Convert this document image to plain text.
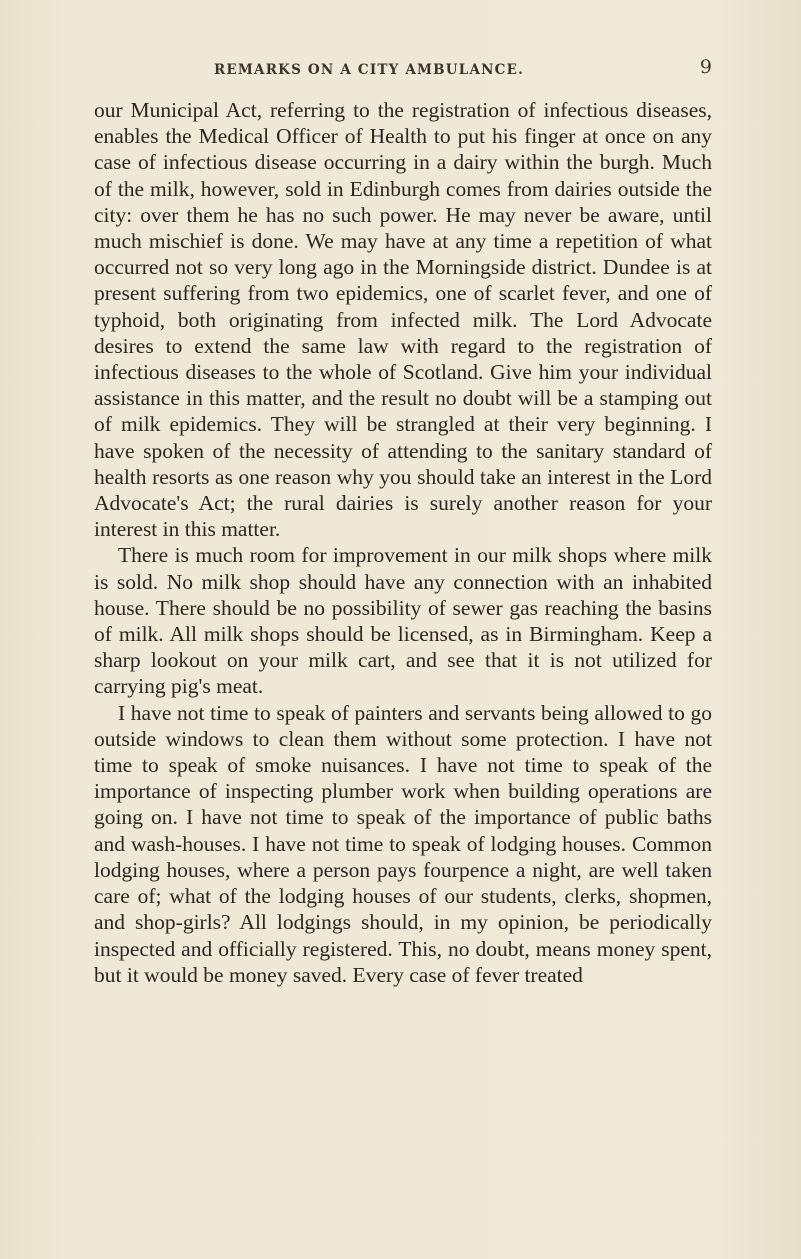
REMARKS ON A CITY AMBULANCE.	9

our Municipal Act, referring to the registration of infectious diseases, enables the Medical Officer of Health to put his finger at once on any case of infectious disease occurring in a dairy within the burgh. Much of the milk, however, sold in Edinburgh comes from dairies outside the city: over them he has no such power. He may never be aware, until much mischief is done. We may have at any time a repetition of what occurred not so very long ago in the Morningside district. Dundee is at present suffering from two epidemics, one of scarlet fever, and one of typhoid, both originating from infected milk. The Lord Advocate desires to extend the same law with regard to the registration of infectious diseases to the whole of Scotland. Give him your individual assistance in this matter, and the result no doubt will be a stamping out of milk epidemics. They will be strangled at their very beginning. I have spoken of the necessity of attending to the sanitary standard of health resorts as one reason why you should take an interest in the Lord Advocate's Act; the rural dairies is surely another reason for your interest in this matter.

There is much room for improvement in our milk shops where milk is sold. No milk shop should have any connection with an inhabited house. There should be no possibility of sewer gas reaching the basins of milk. All milk shops should be licensed, as in Birmingham. Keep a sharp lookout on your milk cart, and see that it is not utilized for carrying pig's meat.

I have not time to speak of painters and servants being allowed to go outside windows to clean them without some protection. I have not time to speak of smoke nuisances. I have not time to speak of the importance of inspecting plumber work when building operations are going on. I have not time to speak of the importance of public baths and wash-houses. I have not time to speak of lodging houses. Common lodging houses, where a person pays fourpence a night, are well taken care of; what of the lodging houses of our students, clerks, shopmen, and shop-girls? All lodgings should, in my opinion, be periodically inspected and officially registered. This, no doubt, means money spent, but it would be money saved. Every case of fever treated
